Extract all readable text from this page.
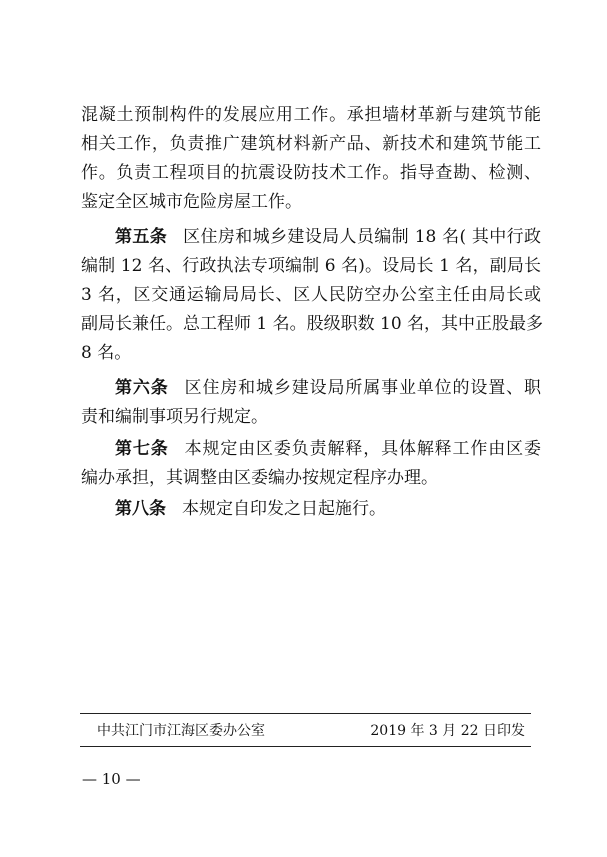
混凝土预制构件的发展应用工作。承担墙材革新与建筑节能
相关工作，负责推广建筑材料新产品、新技术和建筑节能工
作。负责工程项目的抗震设防技术工作。指导查勘、检测、
鉴定全区城市危险房屋工作。
第五条 区住房和城乡建设局人员编制 18 名( 其中行政
编制 12 名、行政执法专项编制 6 名)。设局长 1 名，副局长
3 名，区交通运输局局长、区人民防空办公室主任由局长或
副局长兼任。总工程师 1 名。股级职数 10 名，其中正股最多
8 名。
第六条 区住房和城乡建设局所属事业单位的设置、职
责和编制事项另行规定。
第七条 本规定由区委负责解释，具体解释工作由区委
编办承担，其调整由区委编办按规定程序办理。
第八条 本规定自印发之日起施行。
中共江门市江海区委办公室	2019 年 3 月 22 日印发
— 10 —
